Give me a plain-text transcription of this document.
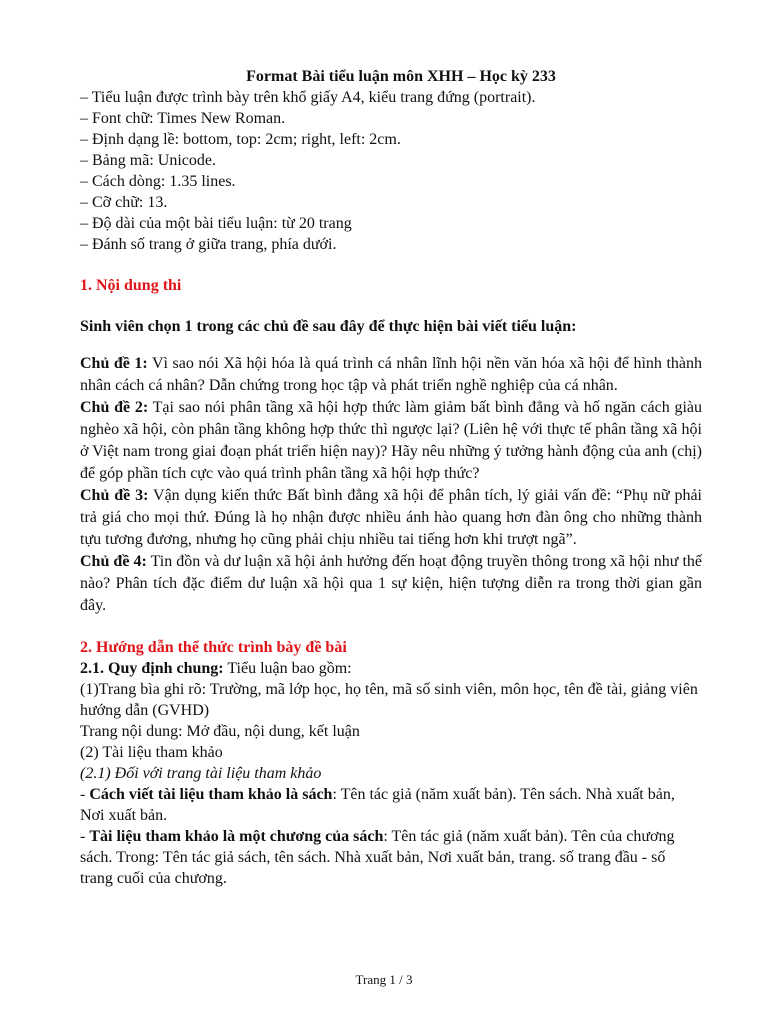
Format Bài tiểu luận môn XHH – Học kỳ 233

– Tiểu luận được trình bày trên khổ giấy A4, kiểu trang đứng (portrait).

– Font chữ: Times New Roman.

– Định dạng lề: bottom, top: 2cm; right, left: 2cm.

– Bảng mã: Unicode.

– Cách dòng: 1.35 lines.

– Cỡ chữ: 13.

– Độ dài của một bài tiểu luận: từ 20 trang

– Đánh số trang ở giữa trang, phía dưới.

1. Nội dung thi

Sinh viên chọn 1 trong các chủ đề sau đây để thực hiện bài viết tiểu luận:

Chủ đề 1: Vì sao nói Xã hội hóa là quá trình cá nhân lĩnh hội nền văn hóa xã hội để hình thành nhân cách cá nhân? Dẫn chứng trong học tập và phát triển nghề nghiệp của cá nhân.

Chủ đề 2: Tại sao nói phân tầng xã hội hợp thức làm giảm bất bình đẳng và hố ngăn cách giàu nghèo xã hội, còn phân tầng không hợp thức thì ngược lại? (Liên hệ với thực tế phân tầng xã hội ở Việt nam trong giai đoạn phát triển hiện nay)? Hãy nêu những ý tưởng hành động của anh (chị) để góp phần tích cực vào quá trình phân tầng xã hội hợp thức?

Chủ đề 3: Vận dụng kiến thức Bất bình đẳng xã hội để phân tích, lý giải vấn đề: “Phụ nữ phải trả giá cho mọi thứ. Đúng là họ nhận được nhiều ánh hào quang hơn đàn ông cho những thành tựu tương đương, nhưng họ cũng phải chịu nhiều tai tiếng hơn khi trượt ngã”.

Chủ đề 4: Tin đồn và dư luận xã hội ảnh hưởng đến hoạt động truyền thông trong xã hội như thế nào? Phân tích đặc điểm dư luận xã hội qua 1 sự kiện, hiện tượng diễn ra trong thời gian gần đây.

2. Hướng dẫn thể thức trình bày đề bài

2.1. Quy định chung: Tiểu luận bao gồm:

(1)Trang bìa ghi rõ: Trường, mã lớp học, họ tên, mã số sinh viên, môn học, tên đề tài, giảng viên hướng dẫn (GVHD)

Trang nội dung: Mở đầu, nội dung, kết luận

(2) Tài liệu tham khảo

(2.1) Đối với trang tài liệu tham khảo

- Cách viết tài liệu tham khảo là sách: Tên tác giả (năm xuất bản). Tên sách. Nhà xuất bản, Nơi xuất bản.

- Tài liệu tham khảo là một chương của sách: Tên tác giả (năm xuất bản). Tên của chương sách. Trong: Tên tác giả sách, tên sách. Nhà xuất bản, Nơi xuất bản, trang. số trang đầu - số trang cuối của chương.

Trang 1 / 3
